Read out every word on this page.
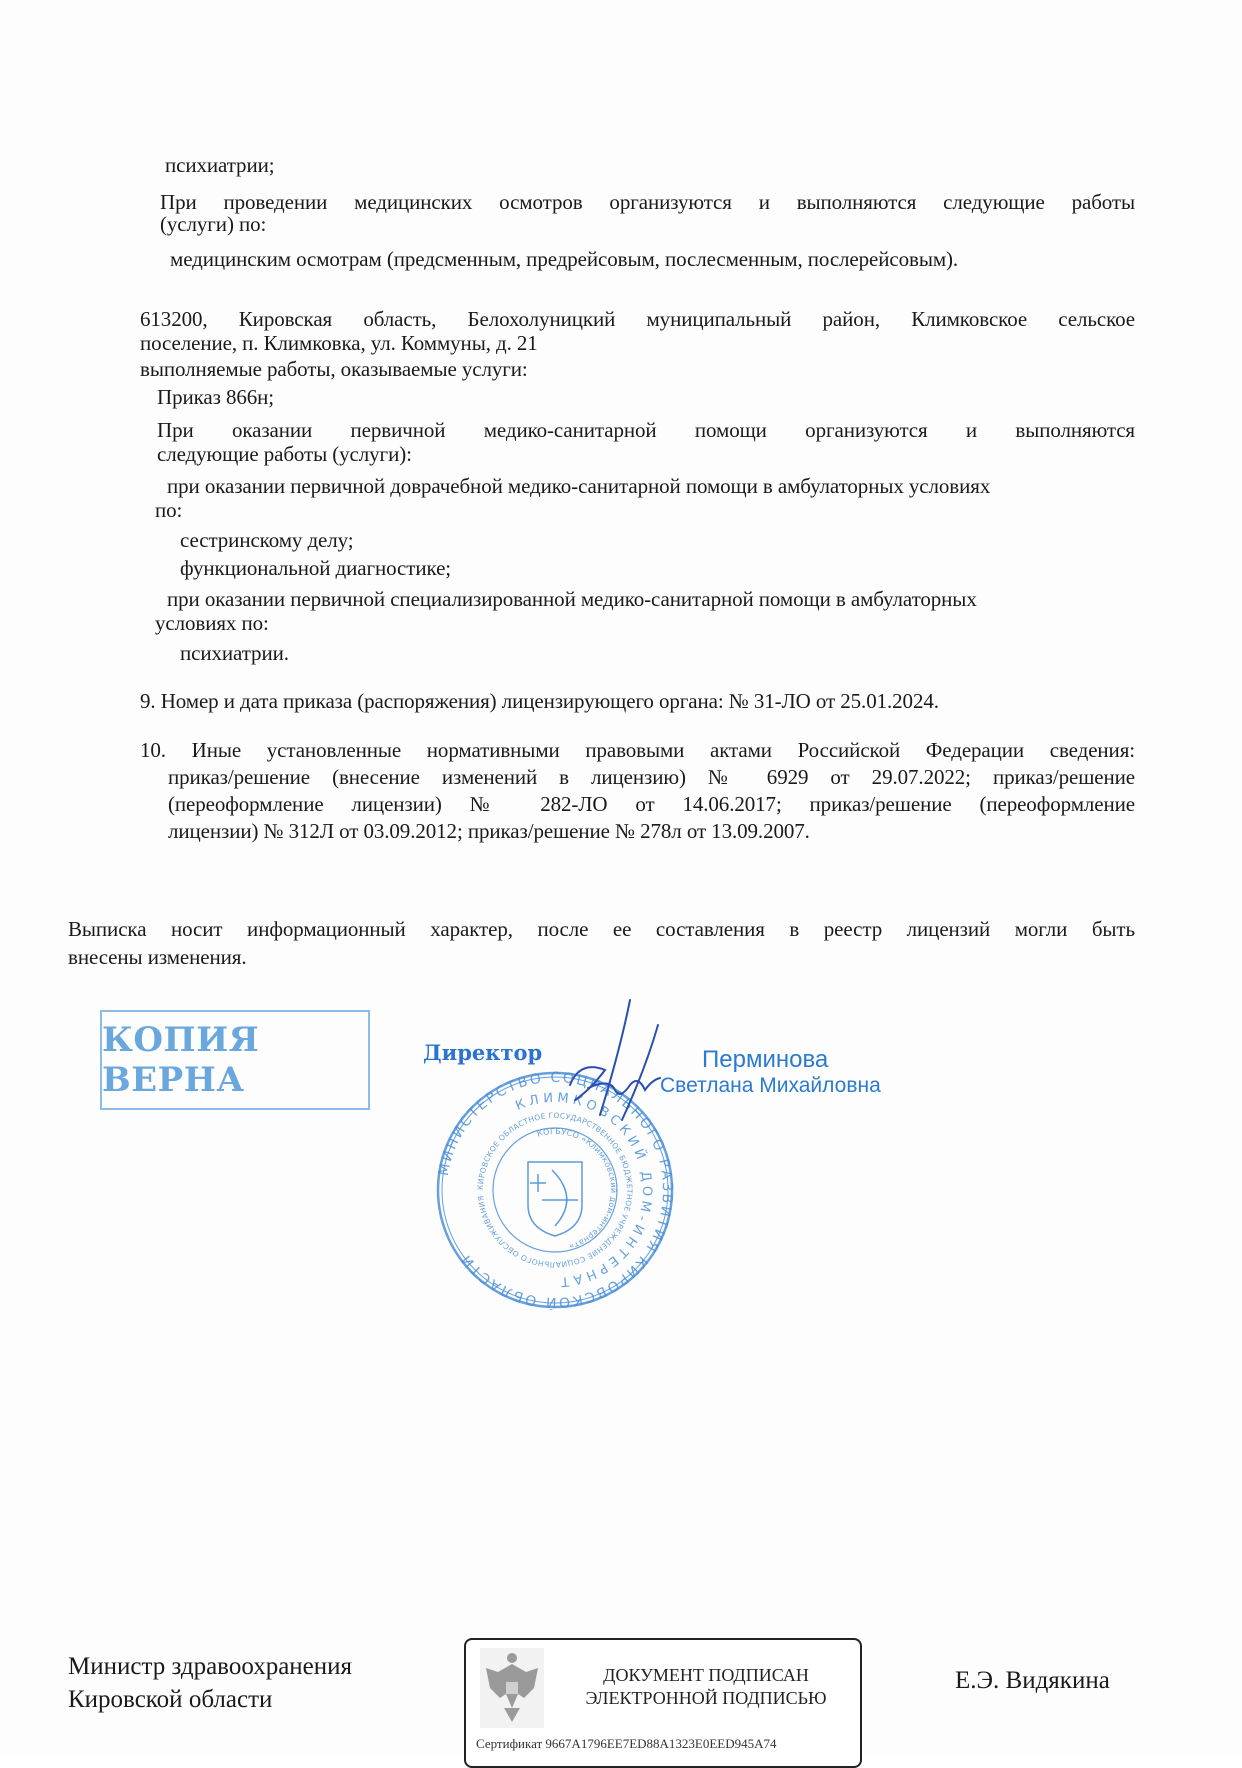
психиатрии;
При проведении медицинских осмотров организуются и выполняются следующие работы
(услуги) по:
медицинским осмотрам (предсменным, предрейсовым, послесменным, послерейсовым).
613200, Кировская область, Белохолуницкий муниципальный район, Климковское сельское
поселение, п. Климковка, ул. Коммуны, д. 21
выполняемые работы, оказываемые услуги:
Приказ 866н;
При оказании первичной медико-санитарной помощи организуются и выполняются
следующие работы (услуги):
при оказании первичной доврачебной медико-санитарной помощи в амбулаторных условиях
по:
сестринскому делу;
функциональной диагностике;
при оказании первичной специализированной медико-санитарной помощи в амбулаторных
условиях по:
психиатрии.
9. Номер и дата приказа (распоряжения) лицензирующего органа: № 31-ЛО от 25.01.2024.
10. Иные установленные нормативными правовыми актами Российской Федерации сведения:
приказ/решение (внесение изменений в лицензию) № 6929 от 29.07.2022; приказ/решение
(переоформление лицензии) № 282-ЛО от 14.06.2017; приказ/решение (переоформление
лицензии) № 312Л от 03.09.2012; приказ/решение № 278л от 13.09.2007.
Выписка носит информационный характер, после ее составления в реестр лицензий могли быть
внесены изменения.
КОПИЯ ВЕРНА
МИНИСТЕРСТВО СОЦИАЛЬНОГО РАЗВИТИЯ КИРОВСКОЙ ОБЛАСТИ
КЛИМКОВСКИЙ ДОМ-ИНТЕРНАТ
КИРОВСКОЕ ОБЛАСТНОЕ ГОСУДАРСТВЕННОЕ БЮДЖЕТНОЕ УЧРЕЖДЕНИЕ СОЦИАЛЬНОГО ОБСЛУЖИВАНИЯ
КОГБУСО «Климковский дом-интернат»
Директор	Перминова
Светлана Михайловна
Министр здравоохранения
Кировской области
ДОКУМЕНТ ПОДПИСАН
ЭЛЕКТРОННОЙ ПОДПИСЬЮ
Сертификат 9667A1796EE7ED88A1323E0EED945A74
Е.Э. Видякина
